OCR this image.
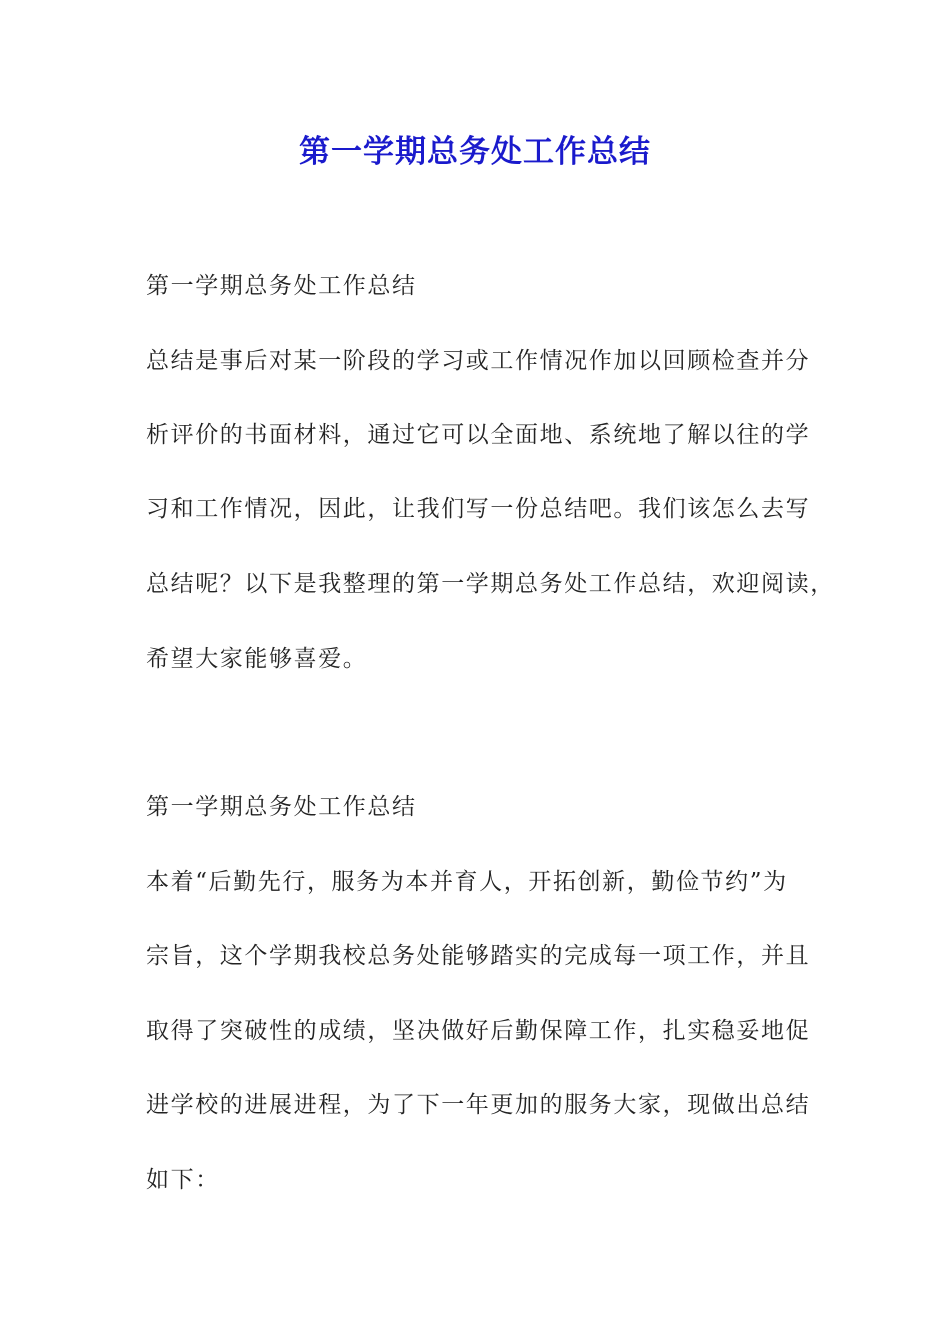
第一学期总务处工作总结
第一学期总务处工作总结
总结是事后对某一阶段的学习或工作情况作加以回顾检查并分
析评价的书面材料，通过它可以全面地、系统地了解以往的学
习和工作情况，因此，让我们写一份总结吧。我们该怎么去写
总结呢？以下是我整理的第一学期总务处工作总结，欢迎阅读，
希望大家能够喜爱。
第一学期总务处工作总结
本着“后勤先行，服务为本并育人，开拓创新，勤俭节约”为
宗旨，这个学期我校总务处能够踏实的完成每一项工作，并且
取得了突破性的成绩，坚决做好后勤保障工作，扎实稳妥地促
进学校的进展进程，为了下一年更加的服务大家，现做出总结
如下：
